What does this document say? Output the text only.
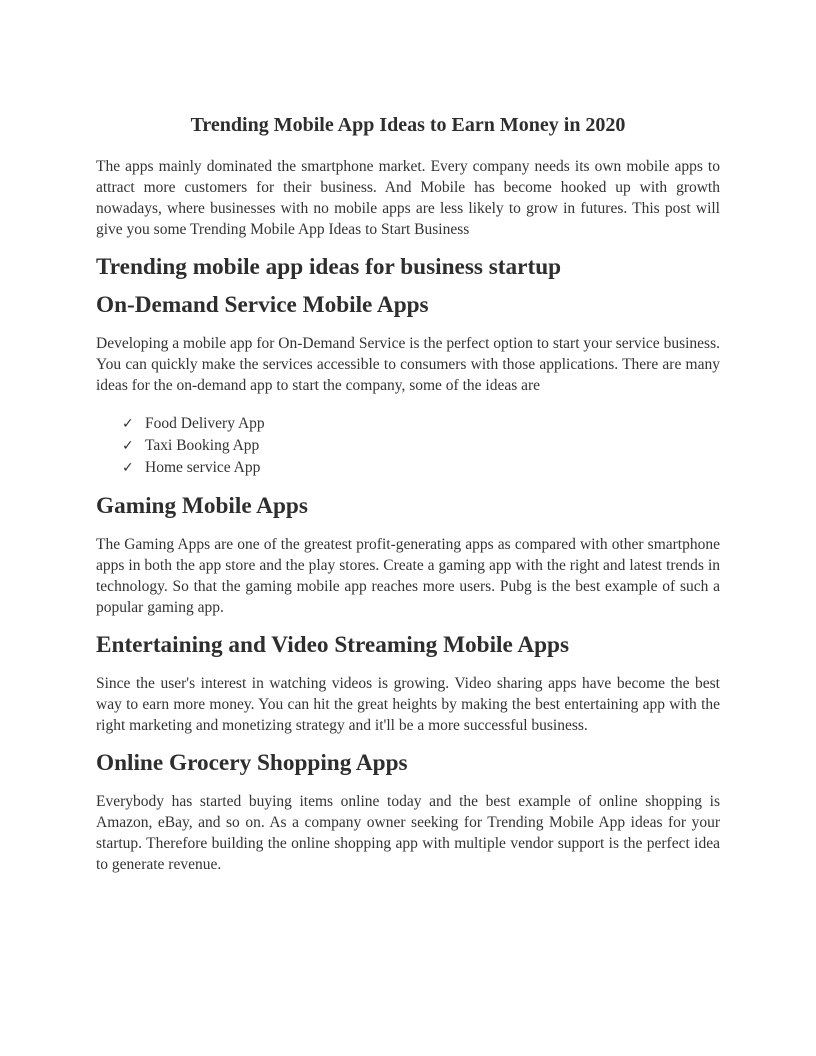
Trending Mobile App Ideas to Earn Money in 2020

The apps mainly dominated the smartphone market. Every company needs its own mobile apps to attract more customers for their business. And Mobile has become hooked up with growth nowadays, where businesses with no mobile apps are less likely to grow in futures. This post will give you some Trending Mobile App Ideas to Start Business

Trending mobile app ideas for business startup
On-Demand Service Mobile Apps

Developing a mobile app for On-Demand Service is the perfect option to start your service business. You can quickly make the services accessible to consumers with those applications. There are many ideas for the on-demand app to start the company, some of the ideas are

✓ Food Delivery App
✓ Taxi Booking App
✓ Home service App
Gaming Mobile Apps

The Gaming Apps are one of the greatest profit-generating apps as compared with other smartphone apps in both the app store and the play stores. Create a gaming app with the right and latest trends in technology. So that the gaming mobile app reaches more users. Pubg is the best example of such a popular gaming app.

Entertaining and Video Streaming Mobile Apps

Since the user's interest in watching videos is growing. Video sharing apps have become the best way to earn more money. You can hit the great heights by making the best entertaining app with the right marketing and monetizing strategy and it'll be a more successful business.

Online Grocery Shopping Apps

Everybody has started buying items online today and the best example of online shopping is Amazon, eBay, and so on. As a company owner seeking for Trending Mobile App ideas for your startup. Therefore building the online shopping app with multiple vendor support is the perfect idea to generate revenue.
